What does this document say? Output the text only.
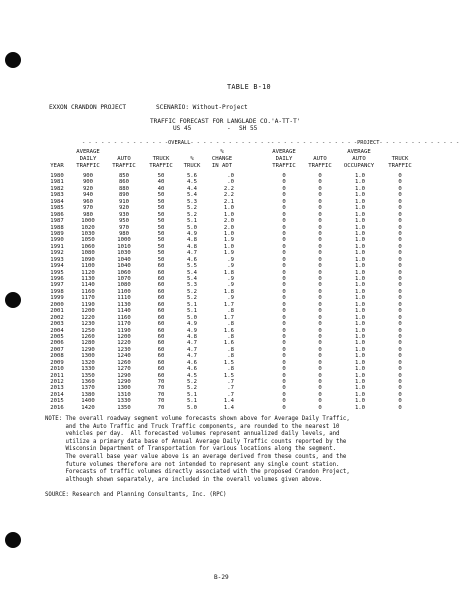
TABLE B-10
EXXON CRANDON PROJECT	SCENARIO: Without-Project
TRAFFIC FORECAST FOR LANGLADE CO.'A-TT-T'
US 45	- SH 55
- - - - - - - - - - - - - -OVERALL- - - - - - - - - - - - - - - - - - - - - - - - - - -PROJECT- - - - - - - - - - - - -
YEAR
AVERAGE
DAILY
TRAFFIC
AUTO
TRAFFIC
TRUCK
TRAFFIC
%
TRUCK
%
CHANGE
IN ADT
AVERAGE
DAILY
TRAFFIC
AUTO
TRAFFIC
AVERAGE
AUTO
OCCUPANCY
TRUCK
TRAFFIC
1980
1981
1982
1983
1984
1985
1986
1987
1988
1989
1990
1991
1992
1993
1994
1995
1996
1997
1998
1999
2000
2001
2002
2003
2004
2005
2006
2007
2008
2009
2010
2011
2012
2013
2014
2015
2016
900
900
920
940
960
970
980
1000
1020
1030
1050
1060
1080
1090
1100
1120
1130
1140
1160
1170
1190
1200
1220
1230
1250
1260
1280
1290
1300
1320
1330
1350
1360
1370
1380
1400
1420
850
860
880
890
910
920
930
950
970
980
1000
1010
1030
1040
1040
1060
1070
1080
1100
1110
1130
1140
1160
1170
1190
1200
1220
1230
1240
1260
1270
1290
1290
1300
1310
1330
1350
50
40
40
50
50
50
50
50
50
50
50
50
50
50
60
60
60
60
60
60
60
60
60
60
60
60
60
60
60
60
60
60
70
70
70
70
70
5.6
4.5
4.4
5.4
5.3
5.2
5.2
5.1
5.0
4.9
4.8
4.8
4.7
4.6
5.5
5.4
5.4
5.3
5.2
5.2
5.1
5.1
5.0
4.9
4.9
4.8
4.7
4.7
4.7
4.6
4.6
4.5
5.2
5.2
5.1
5.1
5.0
.0
.0
2.2
2.2
2.1
1.0
1.0
2.0
2.0
1.0
1.9
1.0
1.9
.9
.9
1.8
.9
.9
1.8
.9
1.7
.8
1.7
.8
1.6
.8
1.6
.8
.8
1.5
.8
1.5
.7
.7
.7
1.4
1.4
0
0
0
0
0
0
0
0
0
0
0
0
0
0
0
0
0
0
0
0
0
0
0
0
0
0
0
0
0
0
0
0
0
0
0
0
0
0
0
0
0
0
0
0
0
0
0
0
0
0
0
0
0
0
0
0
0
0
0
0
0
0
0
0
0
0
0
0
0
0
0
0
0
0
1.0
1.0
1.0
1.0
1.0
1.0
1.0
1.0
1.0
1.0
1.0
1.0
1.0
1.0
1.0
1.0
1.0
1.0
1.0
1.0
1.0
1.0
1.0
1.0
1.0
1.0
1.0
1.0
1.0
1.0
1.0
1.0
1.0
1.0
1.0
1.0
1.0
0
0
0
0
0
0
0
0
0
0
0
0
0
0
0
0
0
0
0
0
0
0
0
0
0
0
0
0
0
0
0
0
0
0
0
0
0
NOTE: The overall roadway segment volume forecasts shown above for Average Daily Traffic,
and the Auto Traffic and Truck Traffic components, are rounded to the nearest 10
vehicles per day.  All forecasted volumes represent annualized daily levels, and
utilize a primary data base of Annual Average Daily Traffic counts reported by the
Wisconsin Department of Transportation for various locations along the segment.
The overall base year value above is an average derived from these counts, and the
future volumes therefore are not intended to represent any single count station.
Forecasts of traffic volumes directly associated with the proposed Crandon Project,
although shown separately, are included in the overall volumes given above.
SOURCE: Research and Planning Consultants, Inc. (RPC)
B-29
